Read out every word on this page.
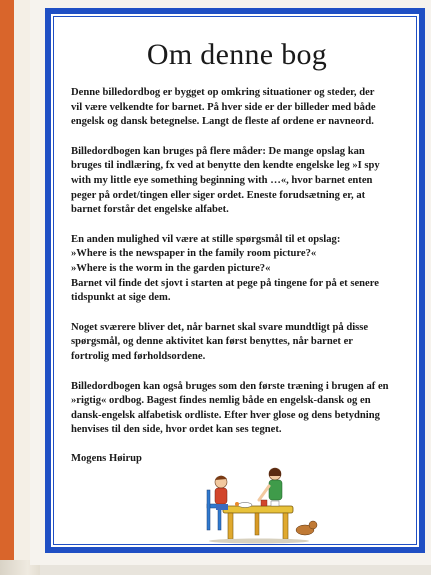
Om denne bog

Denne billedordbog er bygget op omkring situationer og steder, der
vil være velkendte for barnet. På hver side er der billeder med både
engelsk og dansk betegnelse. Langt de fleste af ordene er navneord.

Billedordbogen kan bruges på flere måder: De mange opslag kan
bruges til indlæring, fx ved at benytte den kendte engelske leg »I spy
with my little eye something beginning with …«, hvor barnet enten
peger på ordet/tingen eller siger ordet. Eneste forudsætning er, at
barnet forstår det engelske alfabet.

En anden mulighed vil være at stille spørgsmål til et opslag:
»Where is the newspaper in the family room picture?«
»Where is the worm in the garden picture?«
Barnet vil finde det sjovt i starten at pege på tingene for på et senere
tidspunkt at sige dem.

Noget sværere bliver det, når barnet skal svare mundtligt på disse
spørgsmål, og denne aktivitet kan først benyttes, når barnet er
fortrolig med førholdsordene.

Billedordbogen kan også bruges som den første træning i brugen af en
»rigtig« ordbog. Bagest findes nemlig både en engelsk-dansk og en
dansk-engelsk alfabetisk ordliste. Efter hver glose og dens betydning
henvises til den side, hvor ordet kan ses tegnet.

Mogens Høirup
